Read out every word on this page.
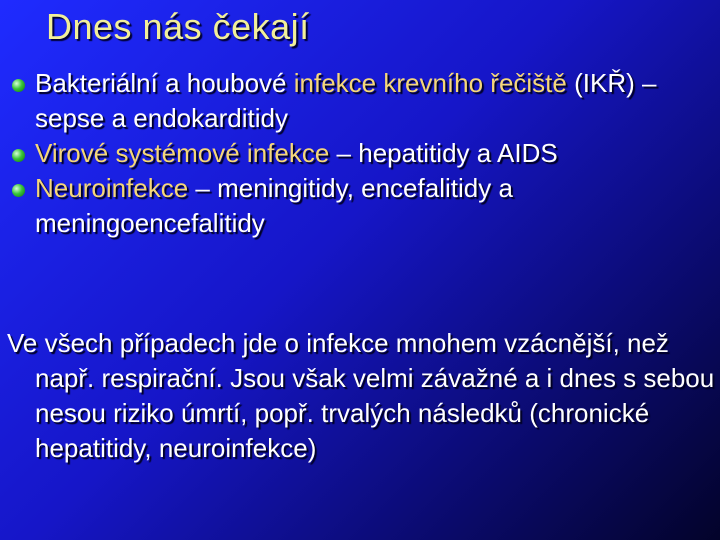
Dnes nás čekají
Bakteriální a houbové infekce krevního řečiště (IKŘ) – sepse a endokarditidy
Virové systémové infekce – hepatitidy a AIDS
Neuroinfekce – meningitidy, encefalitidy a meningoencefalitidy

Ve všech případech jde o infekce mnohem vzácnější, než např. respirační. Jsou však velmi závažné a i dnes s sebou nesou riziko úmrtí, popř. trvalých následků (chronické hepatitidy, neuroinfekce)
